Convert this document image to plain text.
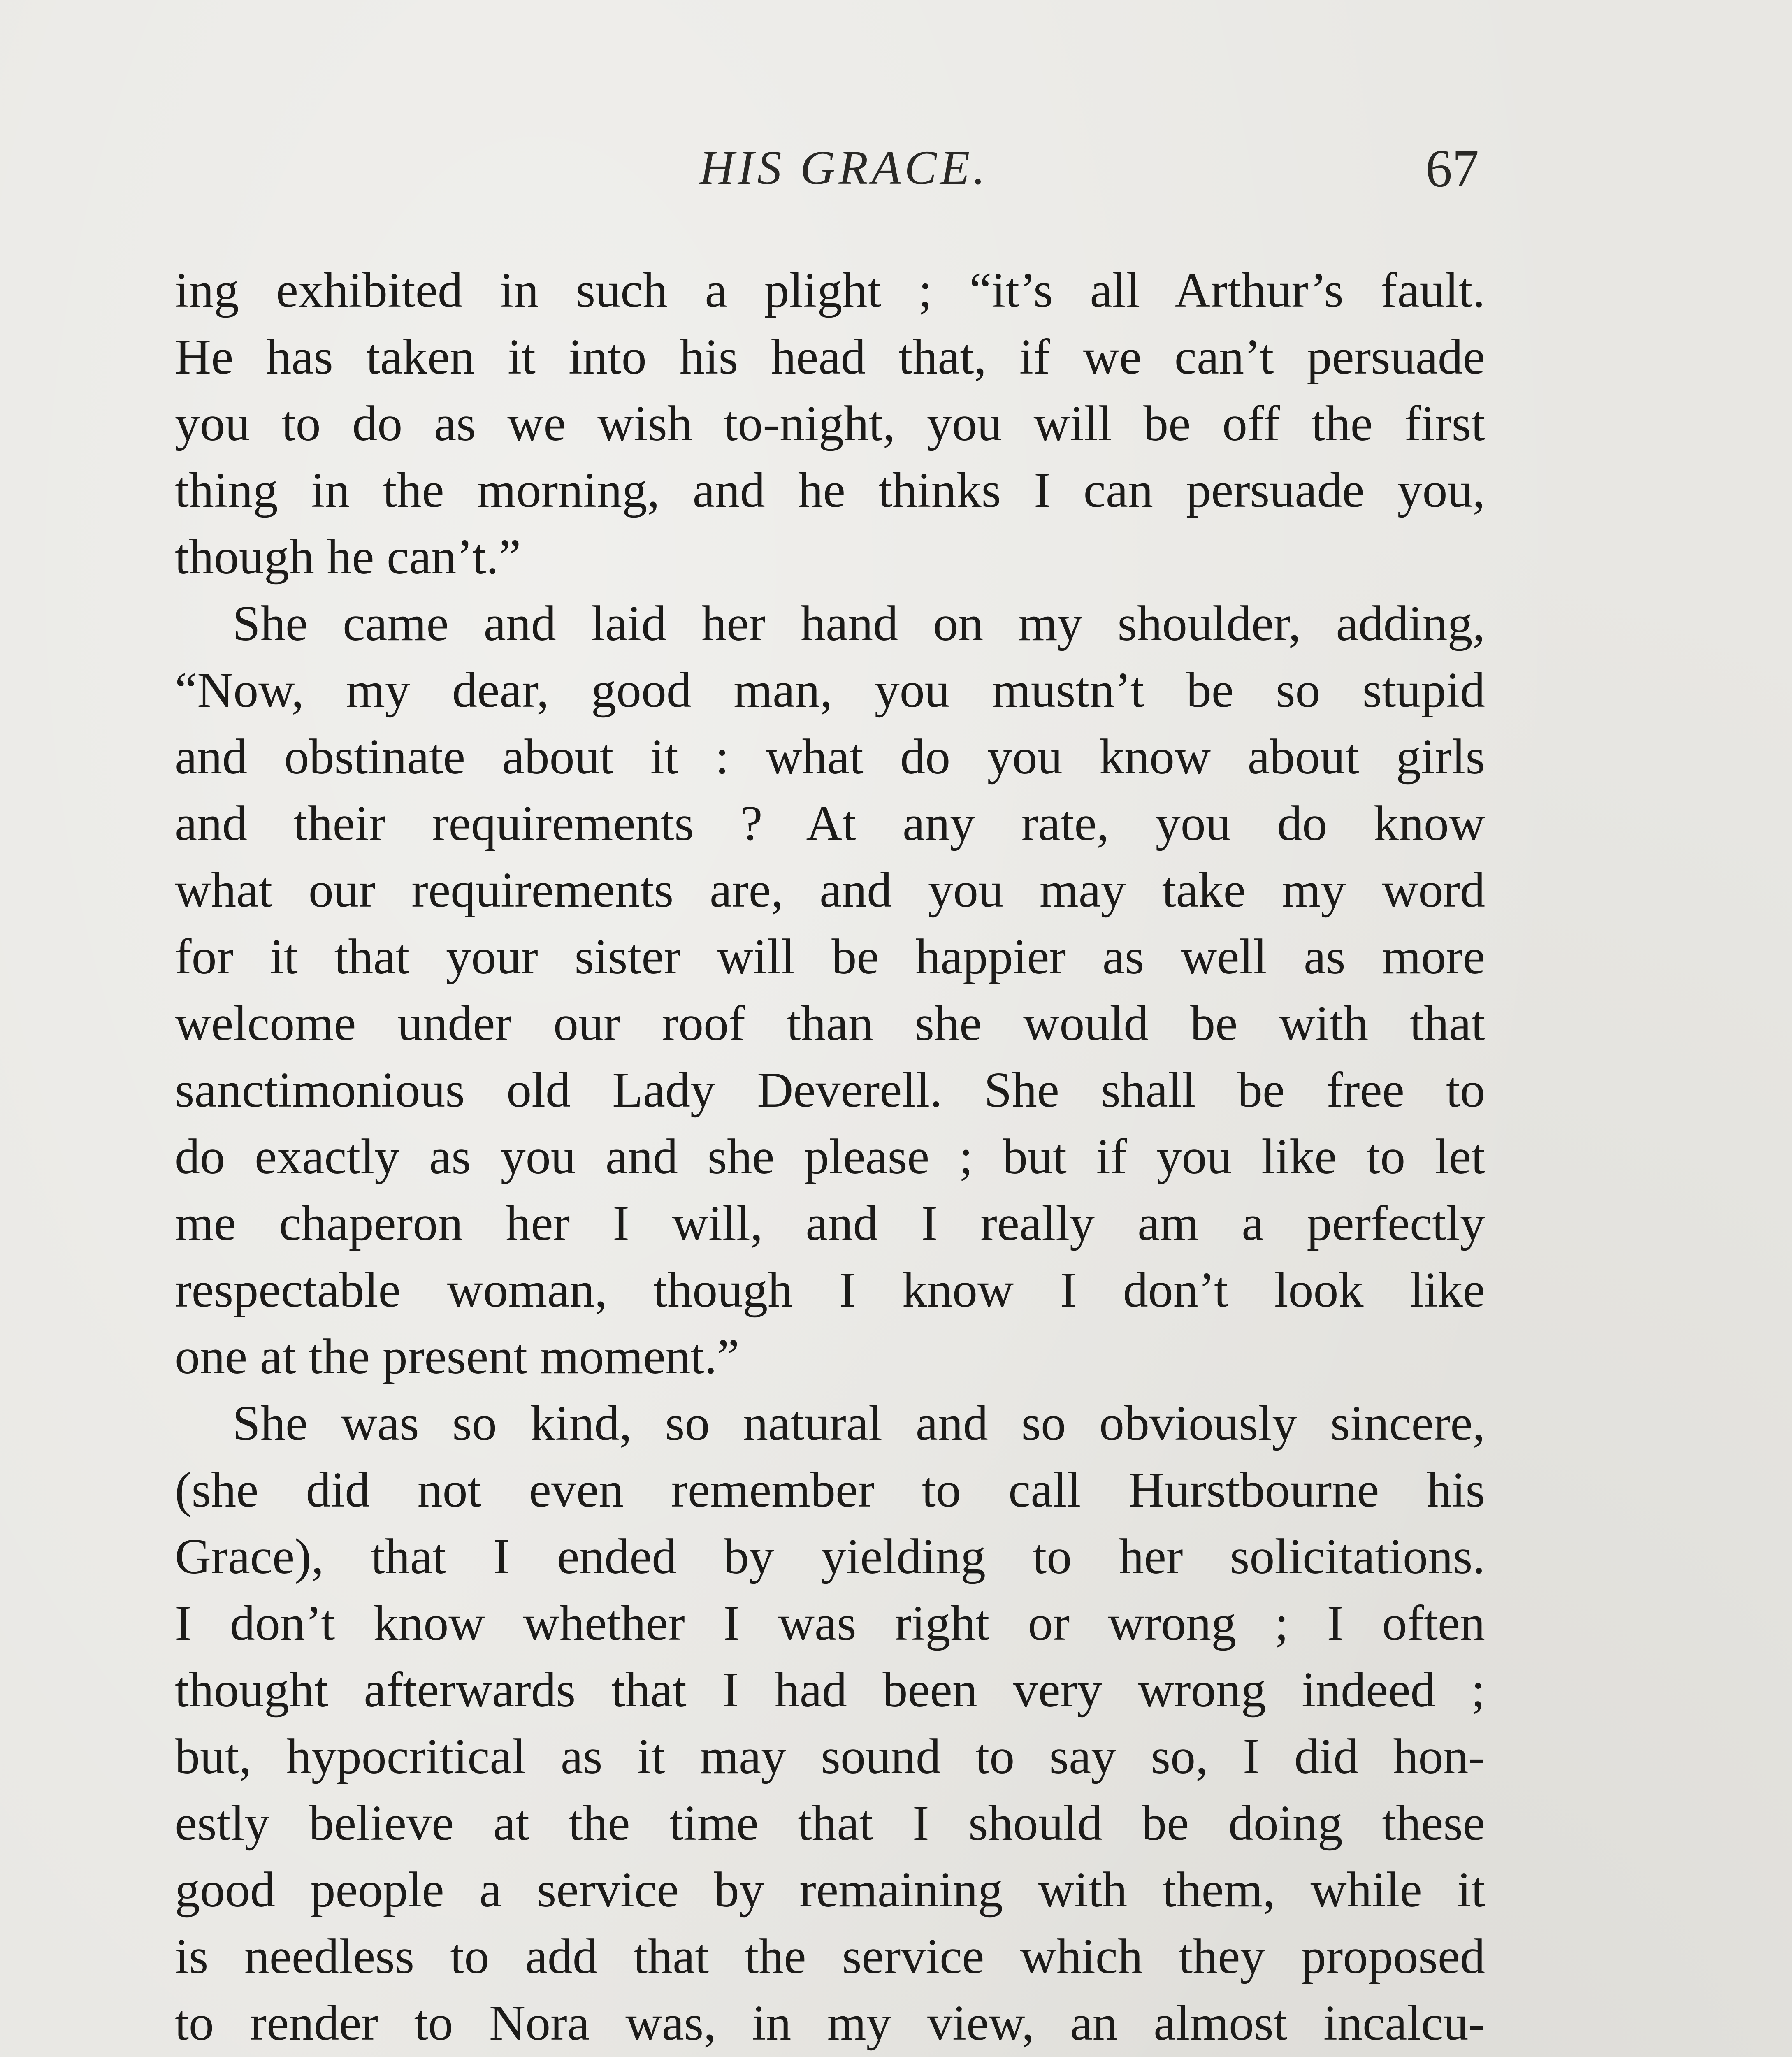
HIS GRACE.	67
ing exhibited in such a plight ; “it’s all Arthur’s fault.
He has taken it into his head that, if we can’t persuade
you to do as we wish to-night, you will be off the first
thing in the morning, and he thinks I can persuade you,
though he can’t.”
She came and laid her hand on my shoulder, adding,
“Now, my dear, good man, you mustn’t be so stupid
and obstinate about it : what do you know about girls
and their requirements ? At any rate, you do know
what our requirements are, and you may take my word
for it that your sister will be happier as well as more
welcome under our roof than she would be with that
sanctimonious old Lady Deverell. She shall be free to
do exactly as you and she please ; but if you like to let
me chaperon her I will, and I really am a perfectly
respectable woman, though I know I don’t look like
one at the present moment.”
She was so kind, so natural and so obviously sincere,
(she did not even remember to call Hurstbourne his
Grace), that I ended by yielding to her solicitations.
I don’t know whether I was right or wrong ; I often
thought afterwards that I had been very wrong indeed ;
but, hypocritical as it may sound to say so, I did hon-
estly believe at the time that I should be doing these
good people a service by remaining with them, while it
is needless to add that the service which they proposed
to render to Nora was, in my view, an almost incalcu-
